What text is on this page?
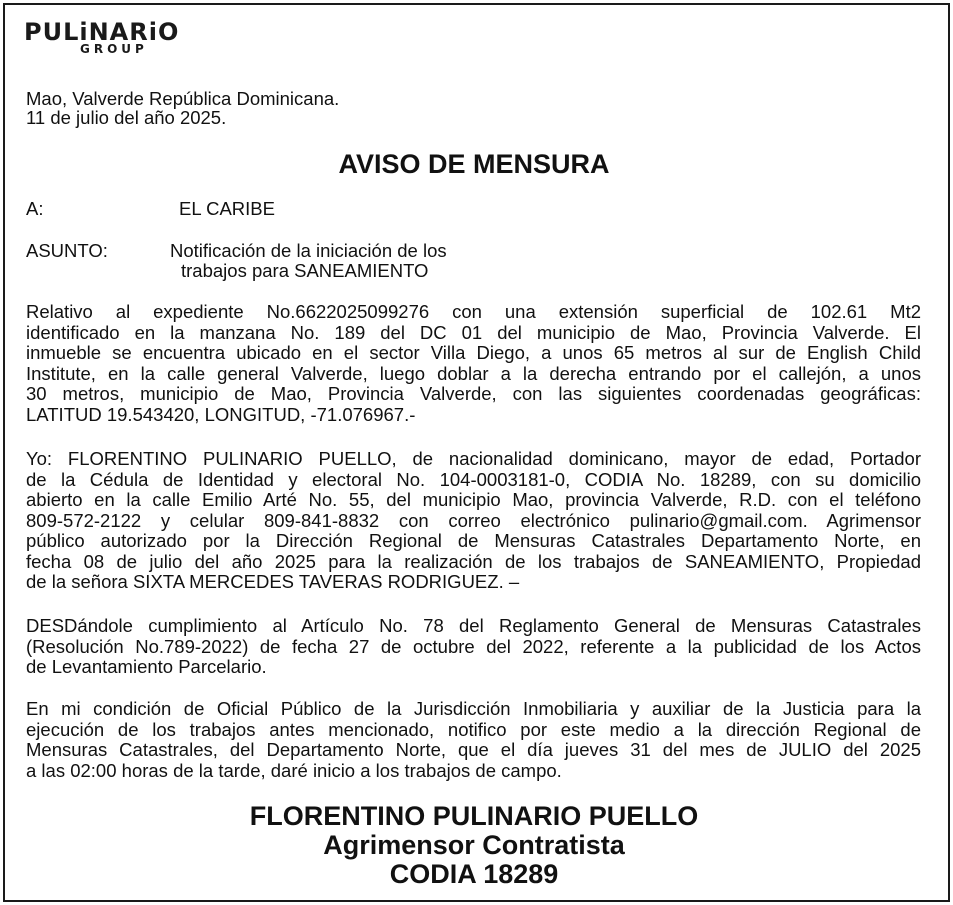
PULiNARiO
GROUP
Mao, Valverde República Dominicana.
11 de julio del año 2025.
AVISO DE MENSURA
A:	EL CARIBE
ASUNTO:	Notificación de la iniciación de los
trabajos para SANEAMIENTO
Relativo al expediente No.6622025099276 con una extensión superficial de 102.61 Mt2
identificado en la manzana No. 189 del DC 01 del municipio de Mao, Provincia Valverde. El
inmueble se encuentra ubicado en el sector Villa Diego, a unos 65 metros al sur de English Child
Institute, en la calle general Valverde, luego doblar a la derecha entrando por el callejón, a unos
30 metros, municipio de Mao, Provincia Valverde, con las siguientes coordenadas geográficas:
LATITUD 19.543420, LONGITUD, -71.076967.-
Yo: FLORENTINO PULINARIO PUELLO, de nacionalidad dominicano, mayor de edad, Portador
de la Cédula de Identidad y electoral No. 104-0003181-0, CODIA No. 18289, con su domicilio
abierto en la calle Emilio Arté No. 55, del municipio Mao, provincia Valverde, R.D. con el teléfono
809-572-2122 y celular 809-841-8832 con correo electrónico pulinario@gmail.com. Agrimensor
público autorizado por la Dirección Regional de Mensuras Catastrales Departamento Norte, en
fecha 08 de julio del año 2025 para la realización de los trabajos de SANEAMIENTO, Propiedad
de la señora SIXTA MERCEDES TAVERAS RODRIGUEZ. –
DESDándole cumplimiento al Artículo No. 78 del Reglamento General de Mensuras Catastrales
(Resolución No.789-2022) de fecha 27 de octubre del 2022, referente a la publicidad de los Actos
de Levantamiento Parcelario.
En mi condición de Oficial Público de la Jurisdicción Inmobiliaria y auxiliar de la Justicia para la
ejecución de los trabajos antes mencionado, notifico por este medio a la dirección Regional de
Mensuras Catastrales, del Departamento Norte, que el día jueves 31 del mes de JULIO del 2025
a las 02:00 horas de la tarde, daré inicio a los trabajos de campo.
FLORENTINO PULINARIO PUELLO
Agrimensor Contratista
CODIA 18289
